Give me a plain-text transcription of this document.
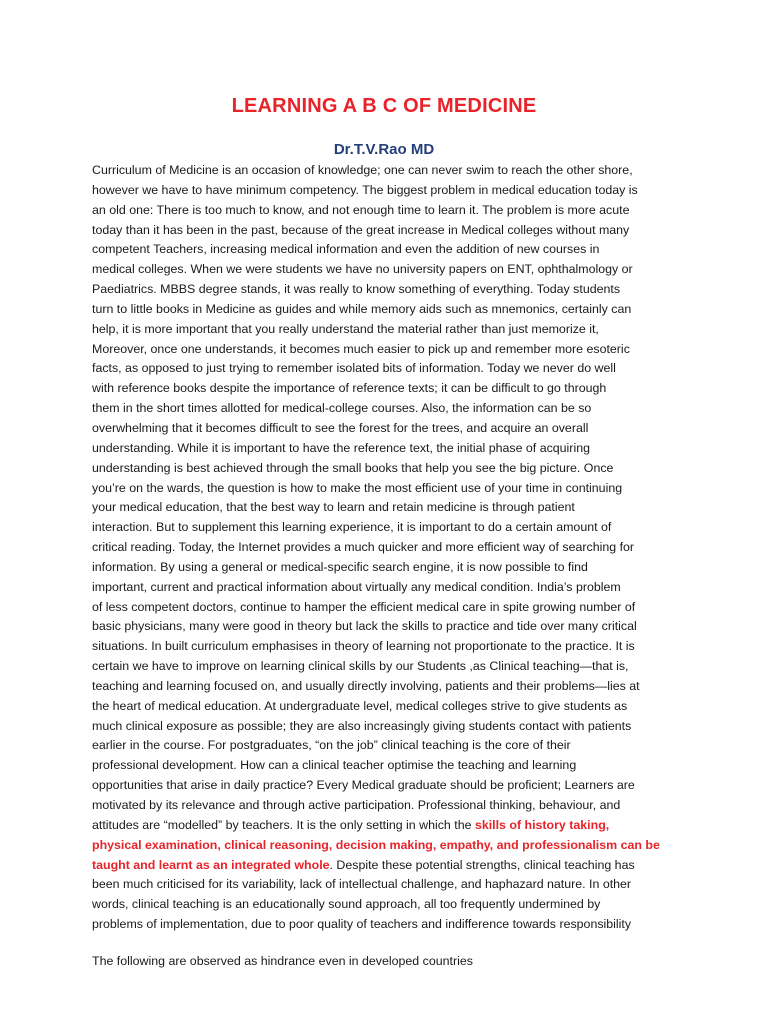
LEARNING A B C OF MEDICINE
Dr.T.V.Rao MD
Curriculum of Medicine is an occasion of knowledge; one can never swim to reach the other shore,
however we have to have minimum competency. The biggest problem in medical education today is
an old one: There is too much to know, and not enough time to learn it. The problem is more acute
today than it has been in the past, because of the great increase in Medical colleges without many
competent Teachers, increasing medical information and even the addition of new courses in
medical colleges. When we were students we have no university papers on ENT, ophthalmology or
Paediatrics. MBBS degree stands, it was really to know something of everything. Today students
turn to little books in Medicine as guides and while memory aids such as mnemonics, certainly can
help, it is more important that you really understand the material rather than just memorize it,
Moreover, once one understands, it becomes much easier to pick up and remember more esoteric
facts, as opposed to just trying to remember isolated bits of information. Today we never do well
with reference books despite the importance of reference texts; it can be difficult to go through
them in the short times allotted for medical-college courses. Also, the information can be so
overwhelming that it becomes difficult to see the forest for the trees, and acquire an overall
understanding. While it is important to have the reference text, the initial phase of acquiring
understanding is best achieved through the small books that help you see the big picture. Once
you’re on the wards, the question is how to make the most efficient use of your time in continuing
your medical education, that the best way to learn and retain medicine is through patient
interaction. But to supplement this learning experience, it is important to do a certain amount of
critical reading. Today, the Internet provides a much quicker and more efficient way of searching for
information. By using a general or medical-specific search engine, it is now possible to find
important, current and practical information about virtually any medical condition. India’s problem
of less competent doctors, continue to hamper the efficient medical care in spite growing number of
basic physicians, many were good in theory but lack the skills to practice and tide over many critical
situations. In built curriculum emphasises in theory of learning not proportionate to the practice. It is
certain we have to improve on learning clinical skills by our Students ,as Clinical teaching—that is,
teaching and learning focused on, and usually directly involving, patients and their problems—lies at
the heart of medical education. At undergraduate level, medical colleges strive to give students as
much clinical exposure as possible; they are also increasingly giving students contact with patients
earlier in the course. For postgraduates, “on the job” clinical teaching is the core of their
professional development. How can a clinical teacher optimise the teaching and learning
opportunities that arise in daily practice? Every Medical graduate should be proficient; Learners are
motivated by its relevance and through active participation. Professional thinking, behaviour, and
attitudes are “modelled” by teachers. It is the only setting in which the skills of history taking,
physical examination, clinical reasoning, decision making, empathy, and professionalism can be
taught and learnt as an integrated whole. Despite these potential strengths, clinical teaching has
been much criticised for its variability, lack of intellectual challenge, and haphazard nature. In other
words, clinical teaching is an educationally sound approach, all too frequently undermined by
problems of implementation, due to poor quality of teachers and indifference towards responsibility
The following are observed as hindrance even in developed countries
